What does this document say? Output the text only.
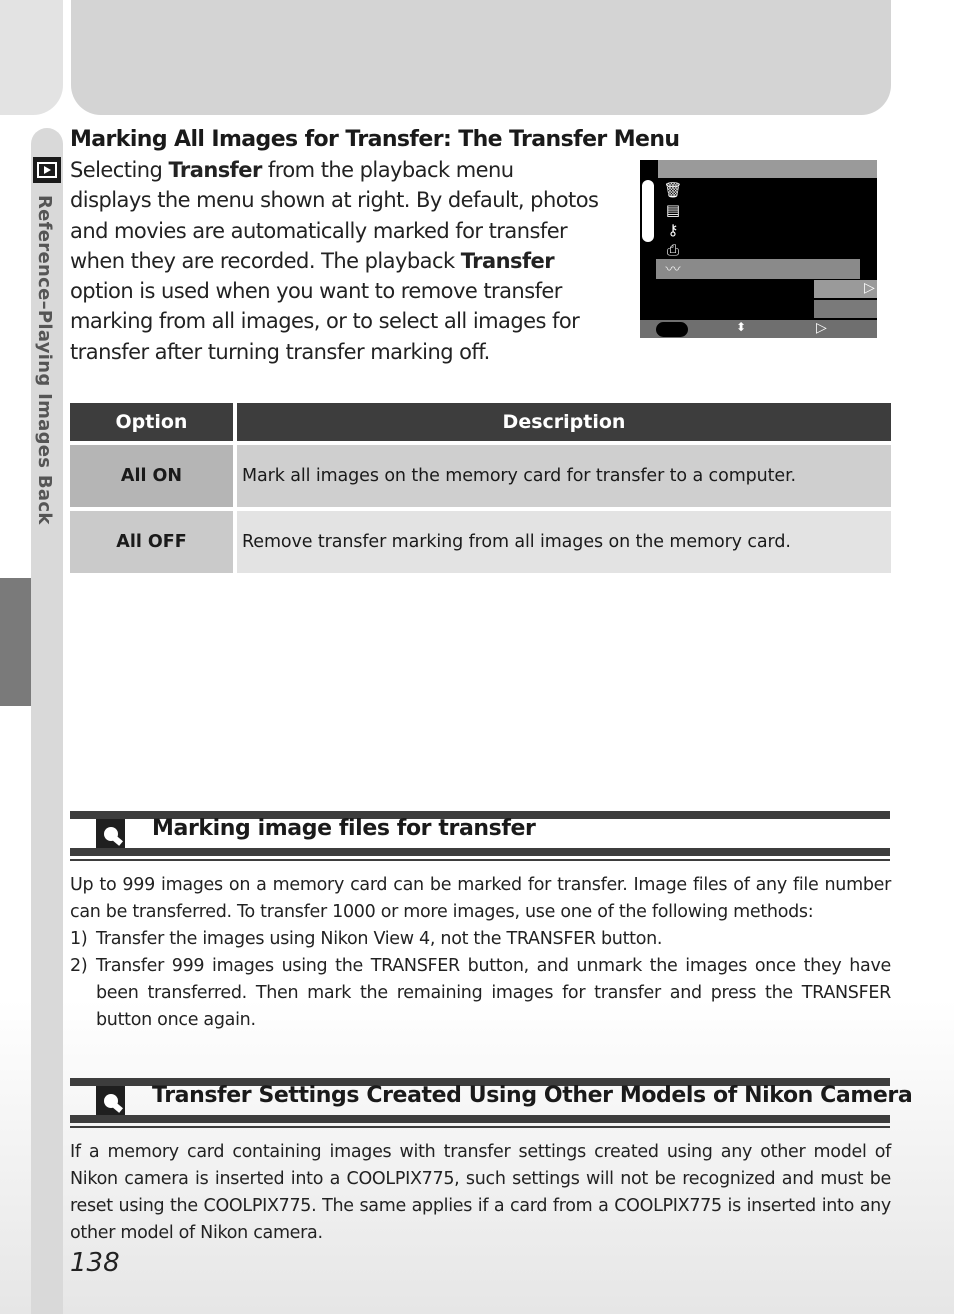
Reference–Playing Images Back
Marking All Images for Transfer: The Transfer Menu
Selecting Transfer from the playback menu displays the menu shown at right. By default, photos and movies are automatically marked for transfer when they are recorded. The playback Transfer option is used when you want to remove transfer marking from all images, or to select all images for transfer after turning transfer marking off.
🗑
▤
⚷
⎙
〰
▷
⬍	▷
Option	Description
All ON	Mark all images on the memory card for transfer to a computer.
All OFF	Remove transfer marking from all images on the memory card.
Marking image files for transfer

Up to 999 images on a memory card can be marked for transfer. Image files of any file number can be transferred. To transfer 1000 or more images, use one of the following methods:

1) Transfer the images using Nikon View 4, not the TRANSFER button.
2) Transfer 999 images using the TRANSFER button, and unmark the images once they have been transferred. Then mark the remaining images for transfer and press the TRANSFER button once again.
Transfer Settings Created Using Other Models of Nikon Camera

If a memory card containing images with transfer settings created using any other model of Nikon camera is inserted into a COOLPIX775, such settings will not be recognized and must be reset using the COOLPIX775. The same applies if a card from a COOLPIX775 is inserted into any other model of Nikon camera.

138
